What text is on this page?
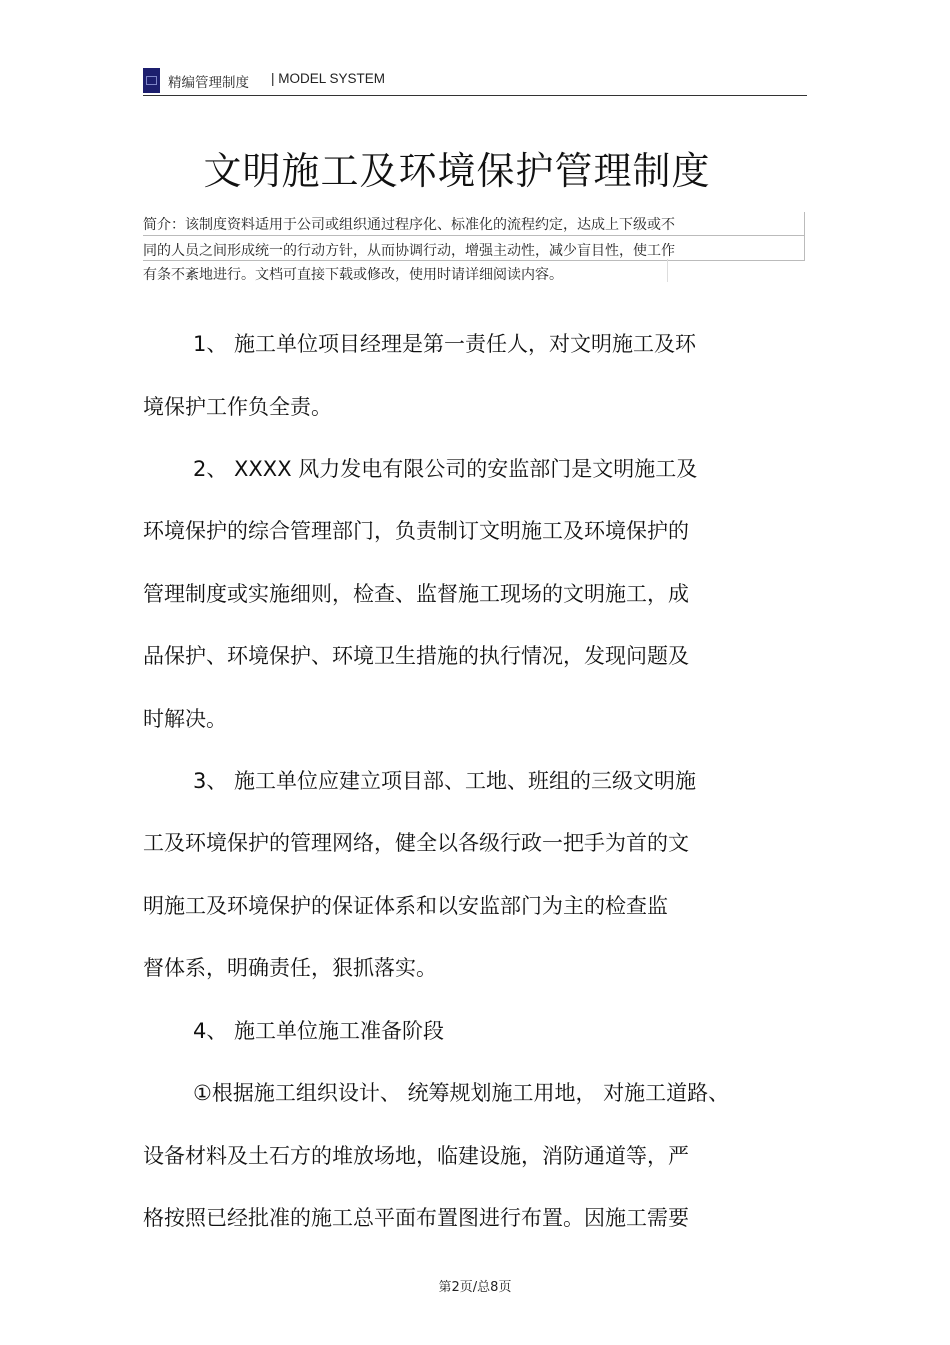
精编管理制度 | MODEL SYSTEM
文明施工及环境保护管理制度
简介：该制度资料适用于公司或组织通过程序化、标准化的流程约定，达成上下级或不
同的人员之间形成统一的行动方针，从而协调行动，增强主动性，减少盲目性，使工作
有条不紊地进行。文档可直接下载或修改，使用时请详细阅读内容。
1、 施工单位项目经理是第一责任人，对文明施工及环
境保护工作负全责。
2、 XXXX 风力发电有限公司的安监部门是文明施工及
环境保护的综合管理部门，负责制订文明施工及环境保护的
管理制度或实施细则，检查、监督施工现场的文明施工，成
品保护、环境保护、环境卫生措施的执行情况，发现问题及
时解决。
3、 施工单位应建立项目部、工地、班组的三级文明施
工及环境保护的管理网络，健全以各级行政一把手为首的文
明施工及环境保护的保证体系和以安监部门为主的检查监
督体系，明确责任，狠抓落实。
4、 施工单位施工准备阶段
①根据施工组织设计、 统筹规划施工用地， 对施工道路、
设备材料及土石方的堆放场地，临建设施，消防通道等，严
格按照已经批准的施工总平面布置图进行布置。因施工需要
第2页/总8页
